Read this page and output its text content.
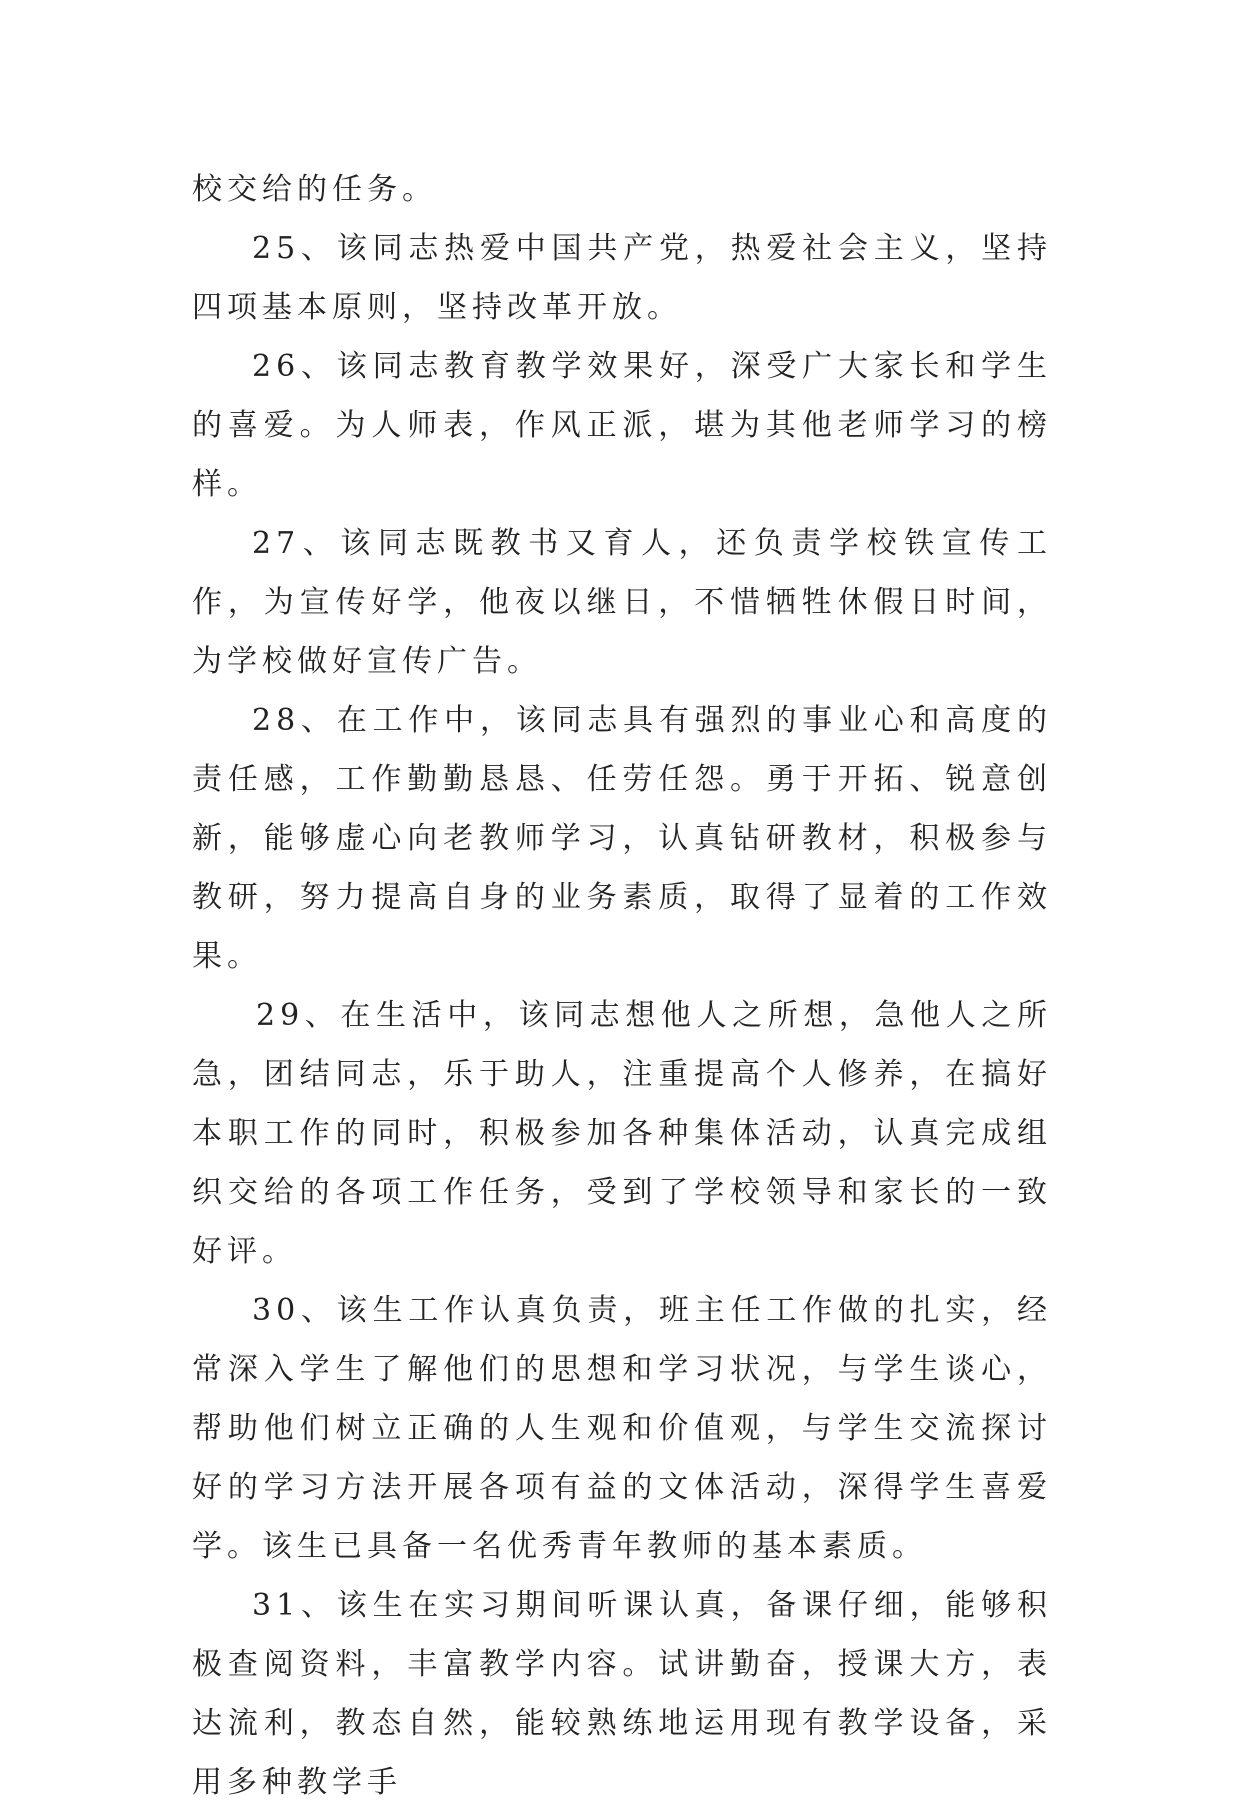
校交给的任务。

25、该同志热爱中国共产党，热爱社会主义，坚持四项基本原则，坚持改革开放。

26、该同志教育教学效果好，深受广大家长和学生的喜爱。为人师表，作风正派，堪为其他老师学习的榜样。

27、该同志既教书又育人，还负责学校铁宣传工作，为宣传好学，他夜以继日，不惜牺牲休假日时间，为学校做好宣传广告。

28、在工作中，该同志具有强烈的事业心和高度的责任感，工作勤勤恳恳、任劳任怨。勇于开拓、锐意创新，能够虚心向老教师学习，认真钻研教材，积极参与教研，努力提高自身的业务素质，取得了显着的工作效果。

29、在生活中，该同志想他人之所想，急他人之所急，团结同志，乐于助人，注重提高个人修养，在搞好本职工作的同时，积极参加各种集体活动，认真完成组织交给的各项工作任务，受到了学校领导和家长的一致好评。

30、该生工作认真负责，班主任工作做的扎实，经常深入学生了解他们的思想和学习状况，与学生谈心，帮助他们树立正确的人生观和价值观，与学生交流探讨好的学习方法开展各项有益的文体活动，深得学生喜爱学。该生已具备一名优秀青年教师的基本素质。

31、该生在实习期间听课认真，备课仔细，能够积极查阅资料，丰富教学内容。试讲勤奋，授课大方，表达流利，教态自然，能较熟练地运用现有教学设备，采用多种教学手
